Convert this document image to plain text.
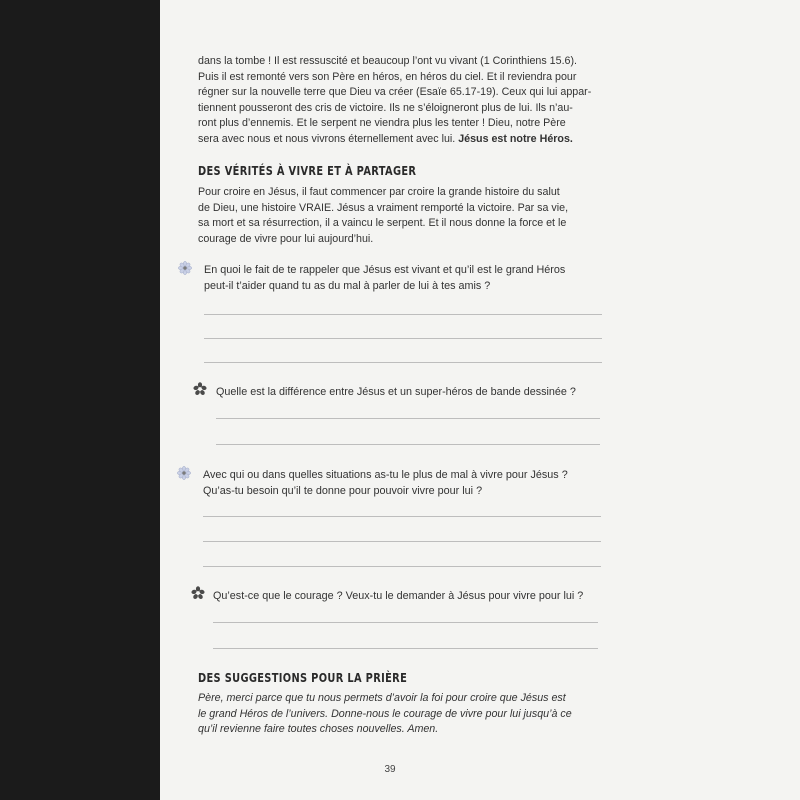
dans la tombe ! Il est ressuscité et beaucoup l’ont vu vivant (1 Corinthiens 15.6).
Puis il est remonté vers son Père en héros, en héros du ciel. Et il reviendra pour
régner sur la nouvelle terre que Dieu va créer (Esaïe 65.17-19). Ceux qui lui appar-
tiennent pousseront des cris de victoire. Ils ne s’éloigneront plus de lui. Ils n’au-
ront plus d’ennemis. Et le serpent ne viendra plus les tenter ! Dieu, notre Père
sera avec nous et nous vivrons éternellement avec lui. Jésus est notre Héros.
DES VÉRITÉS À VIVRE ET À PARTAGER
Pour croire en Jésus, il faut commencer par croire la grande histoire du salut
de Dieu, une histoire VRAIE. Jésus a vraiment remporté la victoire. Par sa vie,
sa mort et sa résurrection, il a vaincu le serpent. Et il nous donne la force et le
courage de vivre pour lui aujourd’hui.
En quoi le fait de te rappeler que Jésus est vivant et qu’il est le grand Héros
peut-il t’aider quand tu as du mal à parler de lui à tes amis ?
Quelle est la différence entre Jésus et un super-héros de bande dessinée ?
Avec qui ou dans quelles situations as-tu le plus de mal à vivre pour Jésus ?
Qu’as-tu besoin qu’il te donne pour pouvoir vivre pour lui ?
Qu’est-ce que le courage ? Veux-tu le demander à Jésus pour vivre pour lui ?
DES SUGGESTIONS POUR LA PRIÈRE
Père, merci parce que tu nous permets d’avoir la foi pour croire que Jésus est
le grand Héros de l’univers. Donne-nous le courage de vivre pour lui jusqu’à ce
qu’il revienne faire toutes choses nouvelles. Amen.
39
